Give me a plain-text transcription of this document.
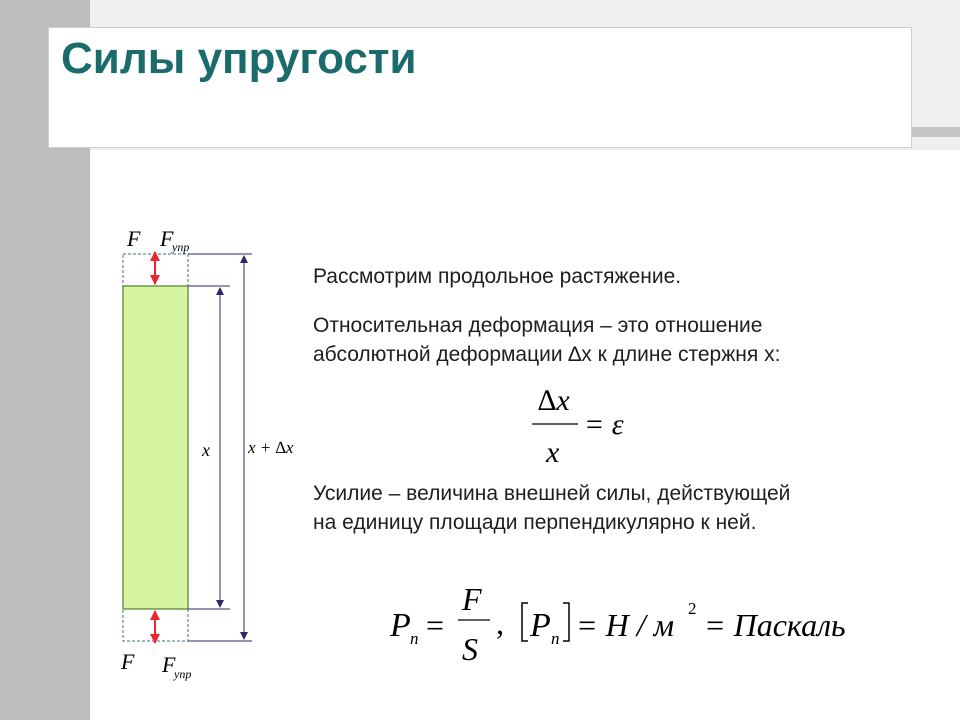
Силы упругости
F F
упр
F F
упр
x x + ∆x

Рассмотрим продольное растяжение.

Относительная деформация – это отношение
абсолютной деформации ∆x к длине стержня x:

Усилие – величина внешней силы, действующей
на единицу площади перпендикулярно к ней.

∆x
x
= ε
P n =
F
S
, P n = Н / м 2 = Паскаль
